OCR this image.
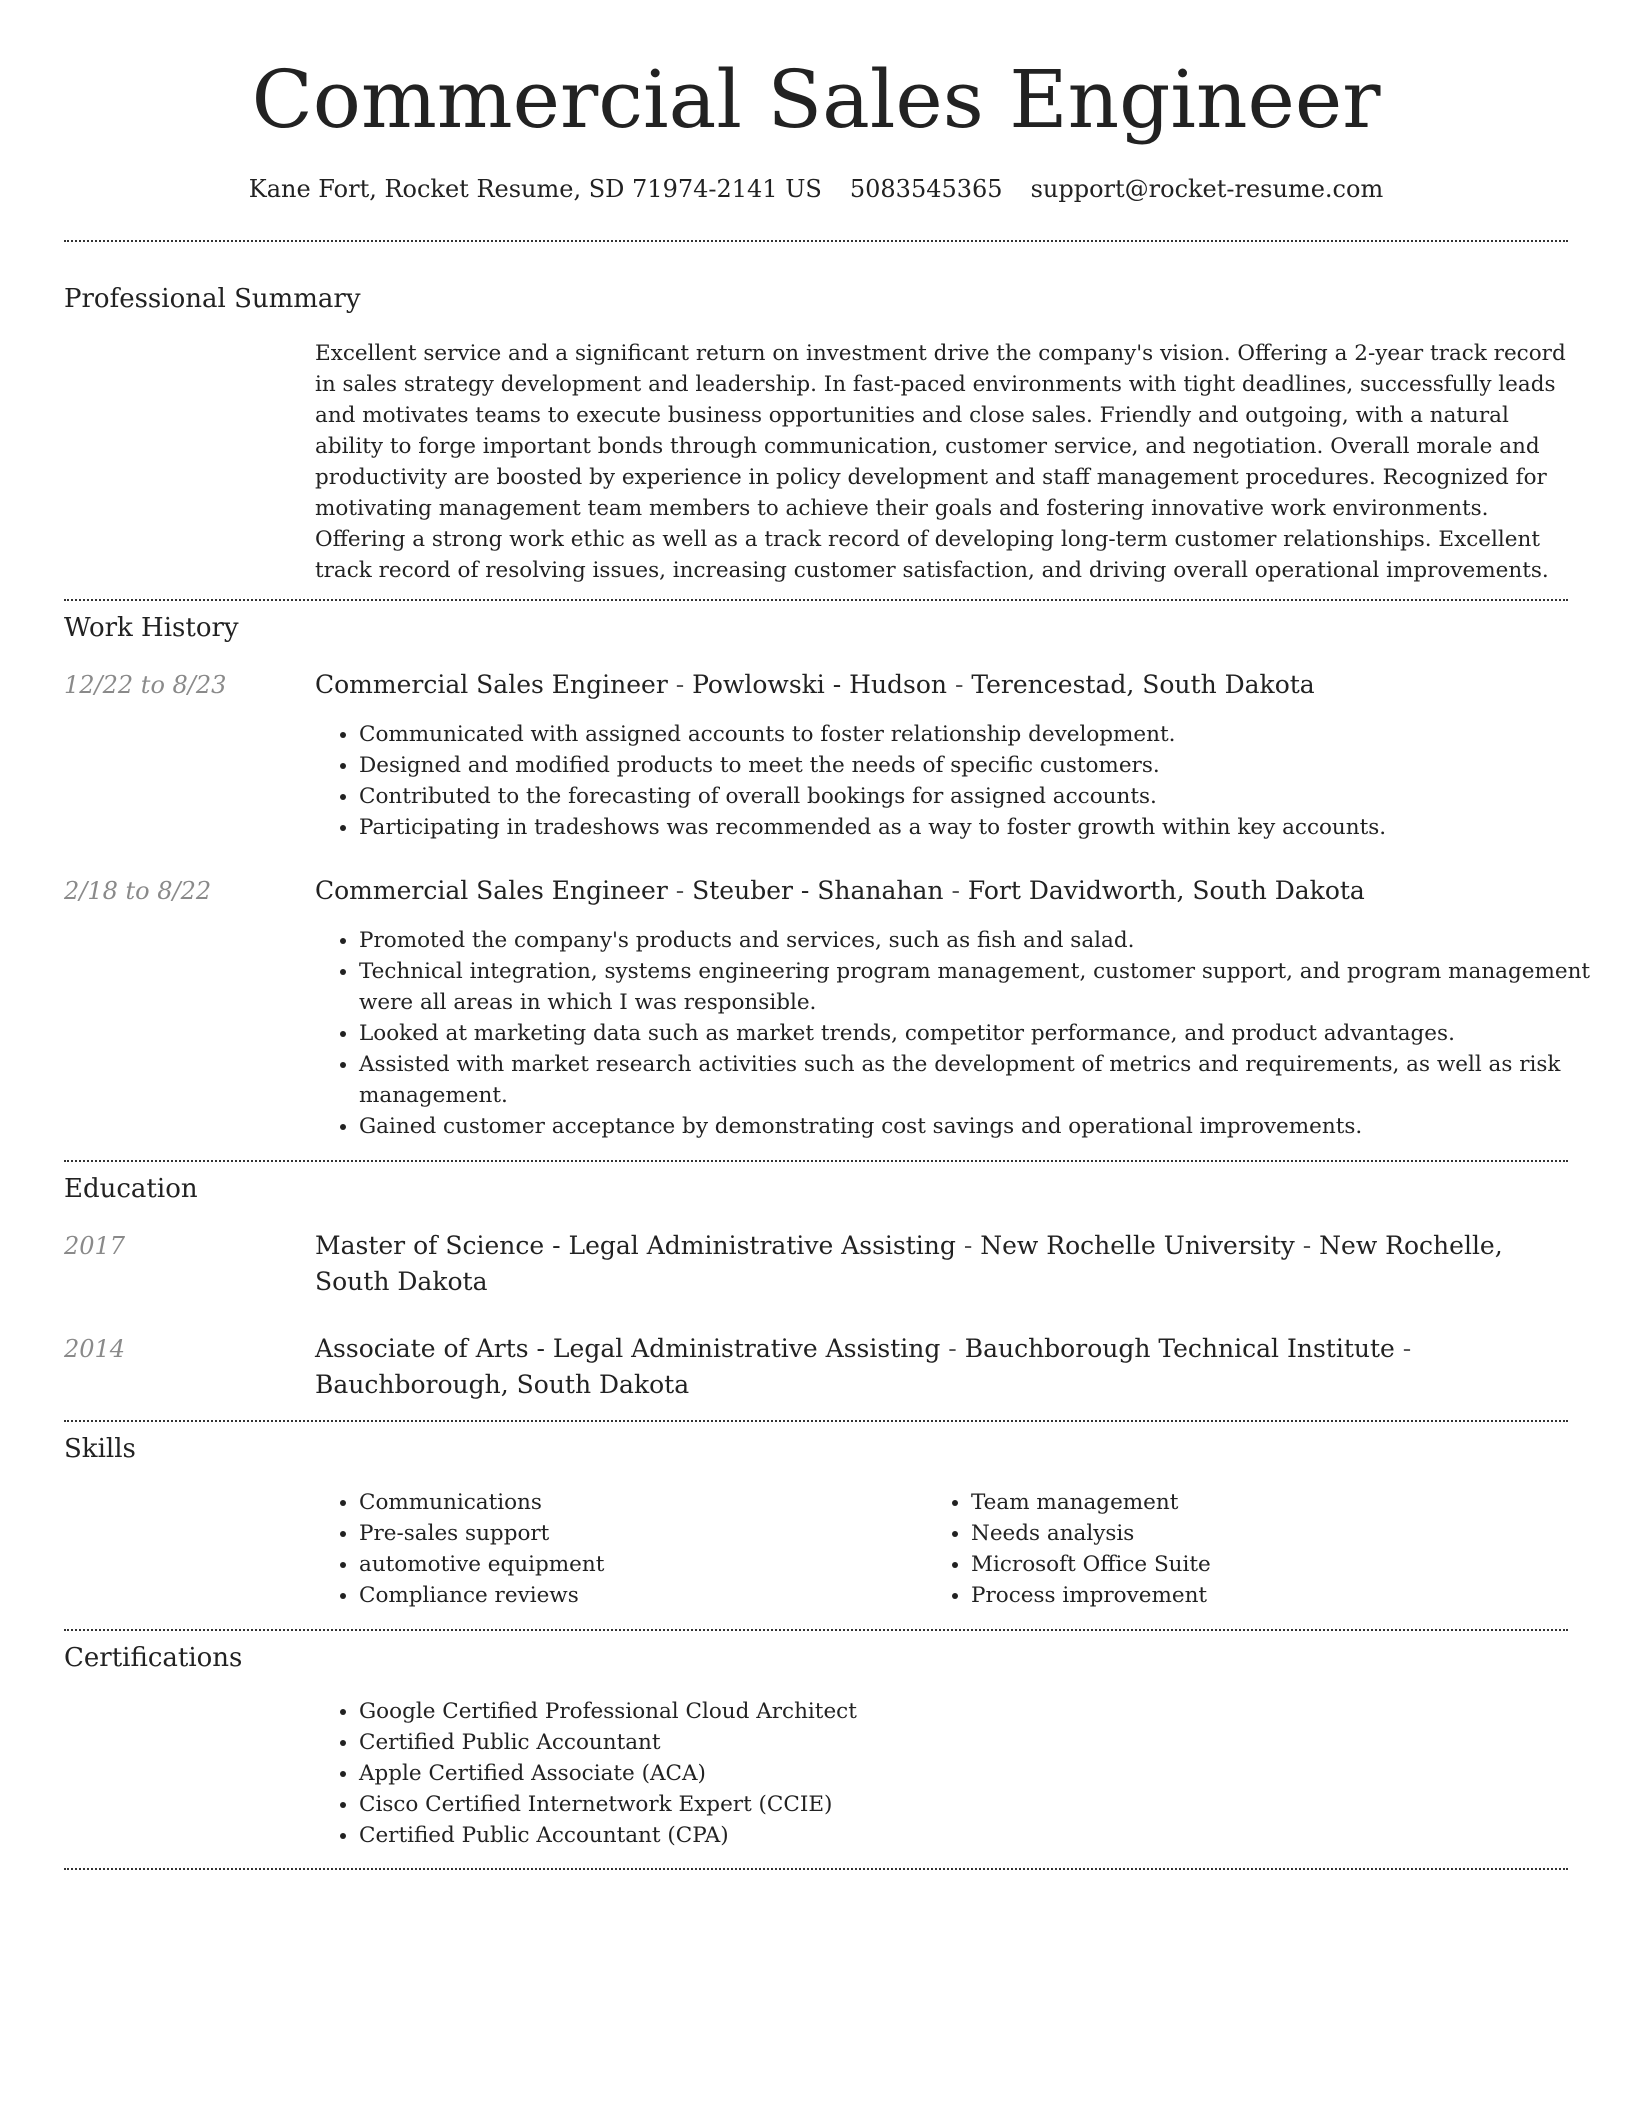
Commercial Sales Engineer
Kane Fort, Rocket Resume, SD 71974-2141 US 5083545365 support@rocket-resume.com
Professional Summary
Excellent service and a significant return on investment drive the company's vision. Offering a 2-year track record in sales strategy development and leadership. In fast-paced environments with tight deadlines, successfully leads and motivates teams to execute business opportunities and close sales. Friendly and outgoing, with a natural ability to forge important bonds through communication, customer service, and negotiation. Overall morale and productivity are boosted by experience in policy development and staff management procedures. Recognized for motivating management team members to achieve their goals and fostering innovative work environments. Offering a strong work ethic as well as a track record of developing long-term customer relationships. Excellent track record of resolving issues, increasing customer satisfaction, and driving overall operational improvements.
Work History
12/22 to 8/23	Commercial Sales Engineer - Powlowski - Hudson - Terencestad, South Dakota
• Communicated with assigned accounts to foster relationship development.
• Designed and modified products to meet the needs of specific customers.
• Contributed to the forecasting of overall bookings for assigned accounts.
• Participating in tradeshows was recommended as a way to foster growth within key accounts.
2/18 to 8/22	Commercial Sales Engineer - Steuber - Shanahan - Fort Davidworth, South Dakota
• Promoted the company's products and services, such as fish and salad.
• Technical integration, systems engineering program management, customer support, and program management were all areas in which I was responsible.
• Looked at marketing data such as market trends, competitor performance, and product advantages.
• Assisted with market research activities such as the development of metrics and requirements, as well as risk management.
• Gained customer acceptance by demonstrating cost savings and operational improvements.
Education
2017	Master of Science - Legal Administrative Assisting - New Rochelle University - New Rochelle, South Dakota
2014	Associate of Arts - Legal Administrative Assisting - Bauchborough Technical Institute - Bauchborough, South Dakota
Skills
• Communications
• Pre-sales support
• automotive equipment
• Compliance reviews
• Team management
• Needs analysis
• Microsoft Office Suite
• Process improvement
Certifications
• Google Certified Professional Cloud Architect
• Certified Public Accountant
• Apple Certified Associate (ACA)
• Cisco Certified Internetwork Expert (CCIE)
• Certified Public Accountant (CPA)
